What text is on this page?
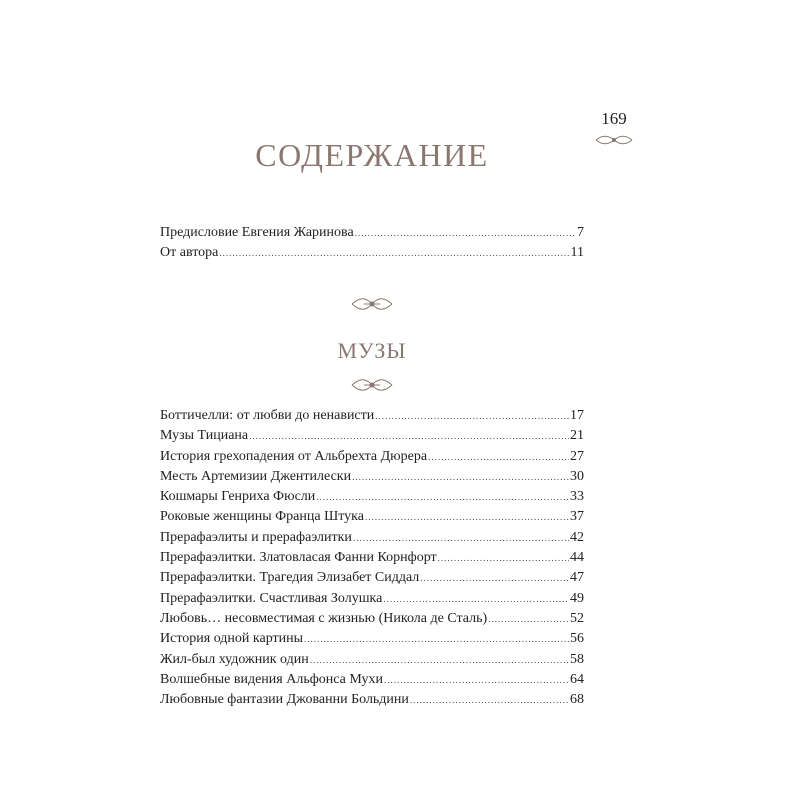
169
СОДЕРЖАНИЕ
Предисловие Евгения Жаринова .....	7
От автора .....	11
МУЗЫ
Боттичелли: от любви до ненависти .....	17
Музы Тициана .....	21
История грехопадения от Альбрехта Дюрера .....	27
Месть Артемизии Джентилески .....	30
Кошмары Генриха Фюсли .....	33
Роковые женщины Франца Штука .....	37
Прерафаэлиты и прерафаэлитки .....	42
Прерафаэлитки. Златовласая Фанни Корнфорт .....	44
Прерафаэлитки. Трагедия Элизабет Сиддал .....	47
Прерафаэлитки. Счастливая Золушка .....	49
Любовь… несовместимая с жизнью (Никола де Сталь) .....	52
История одной картины .....	56
Жил-был художник один .....	58
Волшебные видения Альфонса Мухи .....	64
Любовные фантазии Джованни Больдини .....	68
